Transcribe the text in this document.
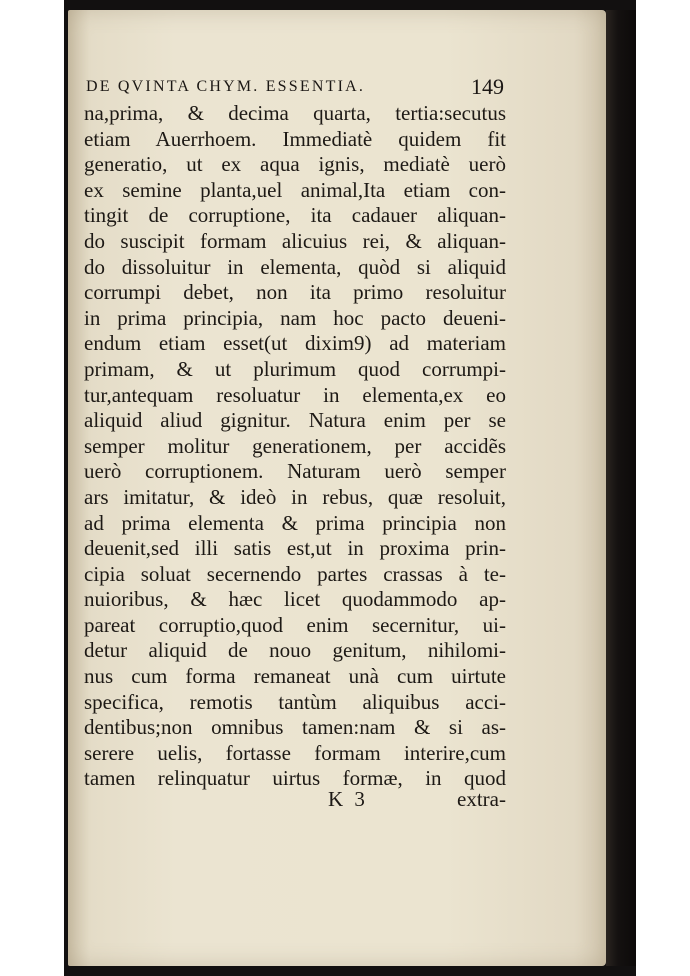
DE QVINTA CHYM. ESSENTIA.	149
na,prima, & decima quarta, tertia:secutus
etiam Auerrhoem. Immediatè quidem fit
generatio, ut ex aqua ignis, mediatè uerò
ex semine planta,uel animal,Ita etiam con-
tingit de corruptione, ita cadauer aliquan-
do suscipit formam alicuius rei, & aliquan-
do dissoluitur in elementa, quòd si aliquid
corrumpi debet, non ita primo resoluitur
in prima principia, nam hoc pacto deueni-
endum etiam esset(ut dixim9) ad materiam
primam, & ut plurimum quod corrumpi-
tur,antequam resoluatur in elementa,ex eo
aliquid aliud gignitur. Natura enim per se
semper molitur generationem, per accidẽs
uerò corruptionem. Naturam uerò semper
ars imitatur, & ideò in rebus, quæ resoluit,
ad prima elementa & prima principia non
deuenit,sed illi satis est,ut in proxima prin-
cipia soluat secernendo partes crassas à te-
nuioribus, & hæc licet quodammodo ap-
pareat corruptio,quod enim secernitur, ui-
detur aliquid de nouo genitum, nihilomi-
nus cum forma remaneat unà cum uirtute
specifica, remotis tantùm aliquibus acci-
dentibus;non omnibus tamen:nam & si as-
serere uelis, fortasse formam interire,cum
tamen relinquatur uirtus formæ, in quod
K 3	extra-
